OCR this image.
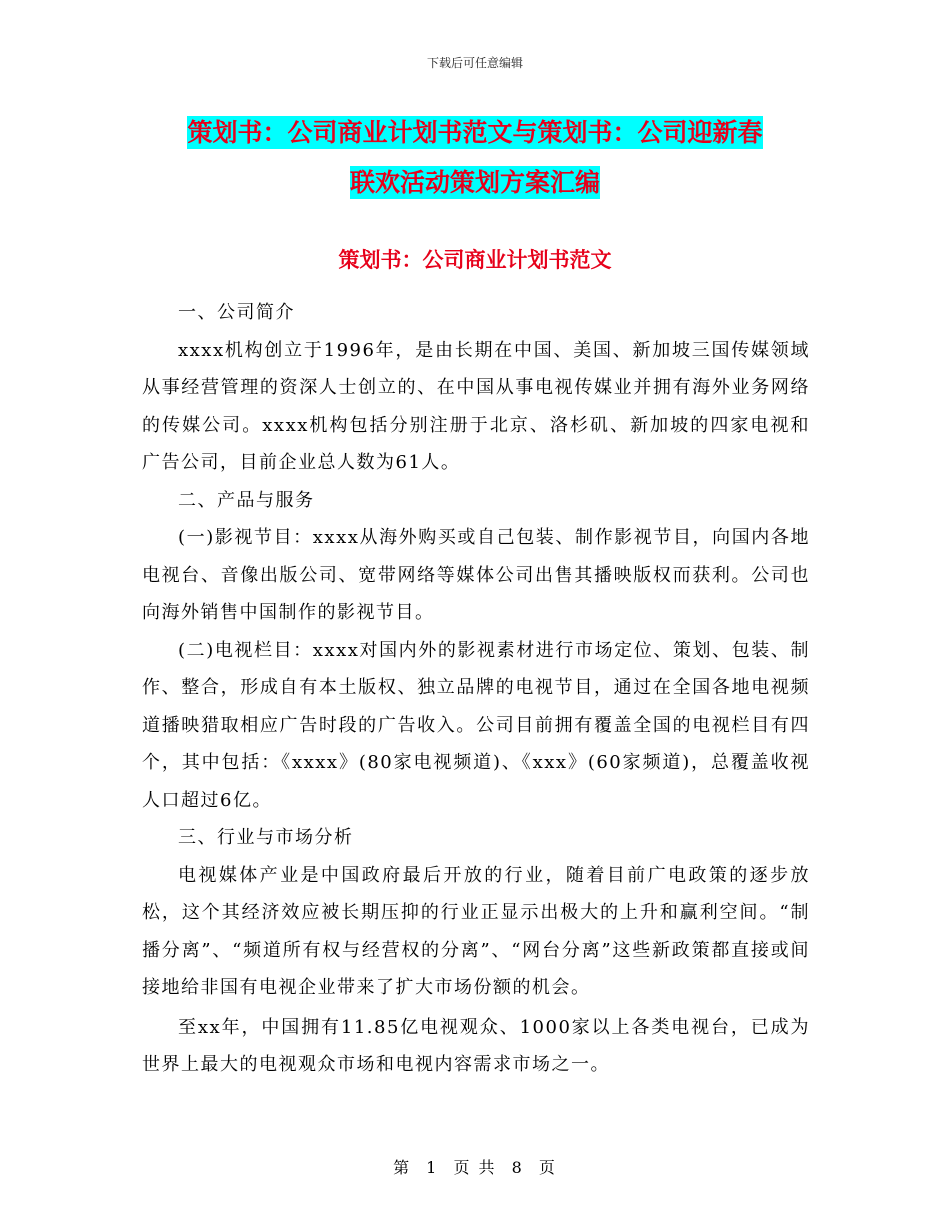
下载后可任意编辑
策划书：公司商业计划书范文与策划书：公司迎新春
联欢活动策划方案汇编
策划书：公司商业计划书范文

一、公司简介

xxxx机构创立于1996年，是由长期在中国、美国、新加坡三国传媒领域从事经营管理的资深人士创立的、在中国从事电视传媒业并拥有海外业务网络的传媒公司。xxxx机构包括分别注册于北京、洛杉矶、新加坡的四家电视和广告公司，目前企业总人数为61人。

二、产品与服务

(一)影视节目：xxxx从海外购买或自己包装、制作影视节目，向国内各地电视台、音像出版公司、宽带网络等媒体公司出售其播映版权而获利。公司也向海外销售中国制作的影视节目。

(二)电视栏目：xxxx对国内外的影视素材进行市场定位、策划、包装、制作、整合，形成自有本土版权、独立品牌的电视节目，通过在全国各地电视频道播映猎取相应广告时段的广告收入。公司目前拥有覆盖全国的电视栏目有四个，其中包括：《xxxx》(80家电视频道)、《xxx》(60家频道)，总覆盖收视人口超过6亿。

三、行业与市场分析

电视媒体产业是中国政府最后开放的行业，随着目前广电政策的逐步放松，这个其经济效应被长期压抑的行业正显示出极大的上升和赢利空间。“制播分离”、“频道所有权与经营权的分离”、“网台分离”这些新政策都直接或间接地给非国有电视企业带来了扩大市场份额的机会。

至xx年，中国拥有11.85亿电视观众、1000家以上各类电视台，已成为世界上最大的电视观众市场和电视内容需求市场之一。

第 1 页 共 8 页
